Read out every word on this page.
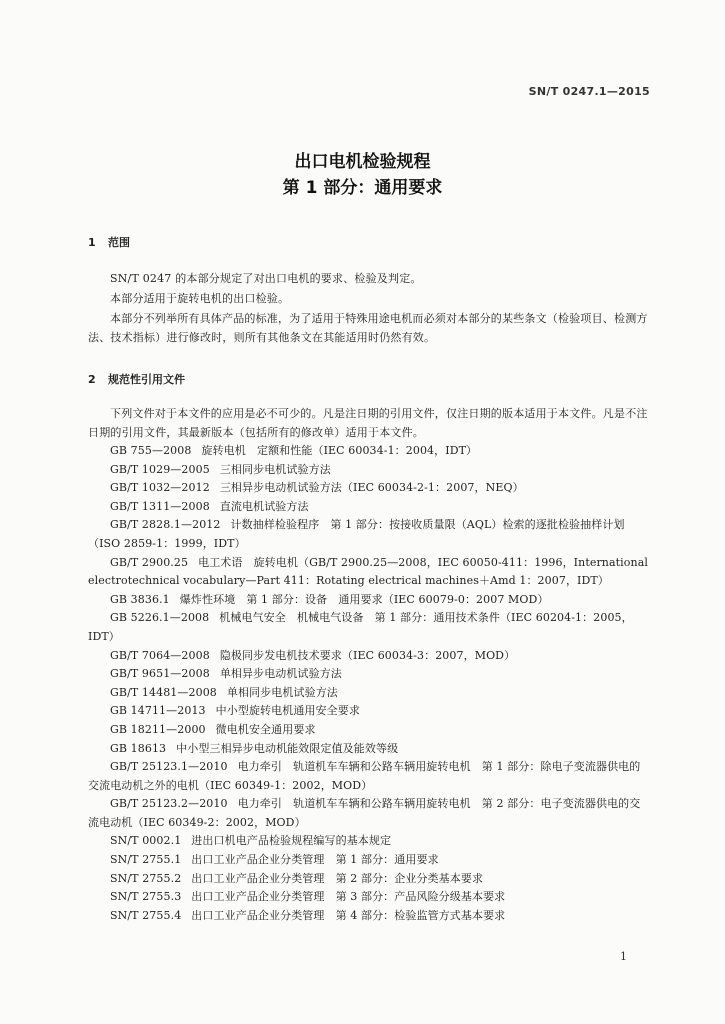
SN/T 0247.1—2015
出口电机检验规程
第 1 部分：通用要求
1 范围
SN/T 0247 的本部分规定了对出口电机的要求、检验及判定。
本部分适用于旋转电机的出口检验。
本部分不列举所有具体产品的标准，为了适用于特殊用途电机而必须对本部分的某些条文（检验项目、检测方法、技术指标）进行修改时，则所有其他条文在其能适用时仍然有效。
2 规范性引用文件
下列文件对于本文件的应用是必不可少的。凡是注日期的引用文件，仅注日期的版本适用于本文件。凡是不注日期的引用文件，其最新版本（包括所有的修改单）适用于本文件。
GB 755—2008 旋转电机　定额和性能（IEC 60034-1：2004，IDT）
GB/T 1029—2005 三相同步电机试验方法
GB/T 1032—2012 三相异步电动机试验方法（IEC 60034-2-1：2007，NEQ）
GB/T 1311—2008 直流电机试验方法
GB/T 2828.1—2012 计数抽样检验程序　第 1 部分：按接收质量限（AQL）检索的逐批检验抽样计划（ISO 2859-1：1999，IDT）
GB/T 2900.25 电工术语　旋转电机（GB/T 2900.25—2008，IEC 60050-411：1996，International electrotechnical vocabulary—Part 411：Rotating electrical machines＋Amd 1：2007，IDT）
GB 3836.1 爆炸性环境　第 1 部分：设备　通用要求（IEC 60079-0：2007 MOD）
GB 5226.1—2008 机械电气安全　机械电气设备　第 1 部分：通用技术条件（IEC 60204-1：2005，IDT）
GB/T 7064—2008 隐极同步发电机技术要求（IEC 60034-3：2007，MOD）
GB/T 9651—2008 单相异步电动机试验方法
GB/T 14481—2008 单相同步电机试验方法
GB 14711—2013 中小型旋转电机通用安全要求
GB 18211—2000 微电机安全通用要求
GB 18613 中小型三相异步电动机能效限定值及能效等级
GB/T 25123.1—2010 电力牵引　轨道机车车辆和公路车辆用旋转电机　第 1 部分：除电子变流器供电的交流电动机之外的电机（IEC 60349-1：2002，MOD）
GB/T 25123.2—2010 电力牵引　轨道机车车辆和公路车辆用旋转电机　第 2 部分：电子变流器供电的交流电动机（IEC 60349-2：2002，MOD）
SN/T 0002.1 进出口机电产品检验规程编写的基本规定
SN/T 2755.1 出口工业产品企业分类管理　第 1 部分：通用要求
SN/T 2755.2 出口工业产品企业分类管理　第 2 部分：企业分类基本要求
SN/T 2755.3 出口工业产品企业分类管理　第 3 部分：产品风险分级基本要求
SN/T 2755.4 出口工业产品企业分类管理　第 4 部分：检验监管方式基本要求
1
